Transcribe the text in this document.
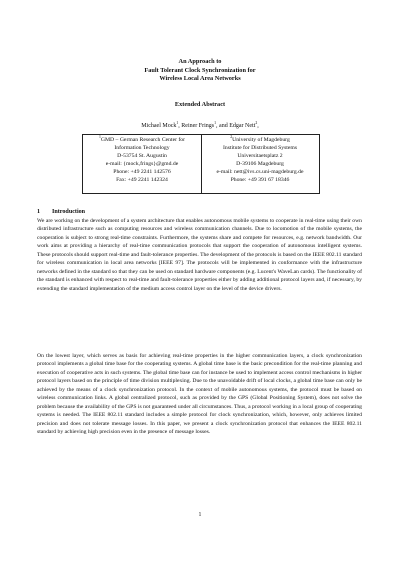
An Approach to
Fault Tolerant Clock Synchronization for
Wireless Local Area Networks
Extended Abstract
Michael Mock$^1$, Reiner Frings$^1$, and Edgar Nett$^2$,
$^1$GMD – German Research Center for
Information Technology
D-53754 St. Augustin
e-mail: {mock,frings}@gmd.de
Phone: +49 2241 142576
Fax: +49 2241 142324
$^2$University of Magdeburg
Institute for Distributed Systems
Universitaetsplatz 2
D-39106 Magdeburg
e-mail: nett@ivs.cs.uni-magdeburg.de
Phone: +49 391 67 18346
1 Introduction
We are working on the development of a system architecture that enables autonomous mobile systems to cooperate in real-time using their own distributed infrastructure such as computing resources and wireless communication channels. Due to locomotion of the mobile systems, the cooperation is subject to strong real-time constraints. Furthermore, the systems share and compete for resources, e.g. network bandwidth. Our work aims at providing a hierarchy of real-time communication protocols that support the cooperation of autonomous intelligent systems. These protocols should support real-time and fault-tolerance properties. The development of the protocols is based on the IEEE 802.11 standard for wireless communication in local area networks [IEEE 97]. The protocols will be implemented in conformance with the infrastructure networks defined in the standard so that they can be used on standard hardware components (e.g. Lucent's WaveLan cards). The functionality of the standard is enhanced with respect to real-time and fault-tolerance properties either by adding additional protocol layers and, if necessary, by extending the standard implementation of the medium access control layer on the level of the device drivers.
On the lowest layer, which serves as basis for achieving real-time properties in the higher communication layers, a clock synchronization protocol implements a global time base for the cooperating systems. A global time base is the basic precondition for the real-time planning and execution of cooperative acts in such systems. The global time base can for instance be used to implement access control mechanisms in higher protocol layers based on the principle of time division multiplexing. Due to the unavoidable drift of local clocks, a global time base can only be achieved by the means of a clock synchronization protocol. In the context of mobile autonomous systems, the protocol must be based on wireless communication links. A global centralized protocol, such as provided by the GPS (Global Positioning System), does not solve the problem because the availability of the GPS is not guaranteed under all circumstances. Thus, a protocol working in a local group of cooperating systems is needed. The IEEE 802.11 standard includes a simple protocol for clock synchronization, which, however, only achieves limited precision and does not tolerate message losses. In this paper, we present a clock synchronization protocol that enhances the IEEE 802.11 standard by achieving high precision even in the presence of message losses.
1
